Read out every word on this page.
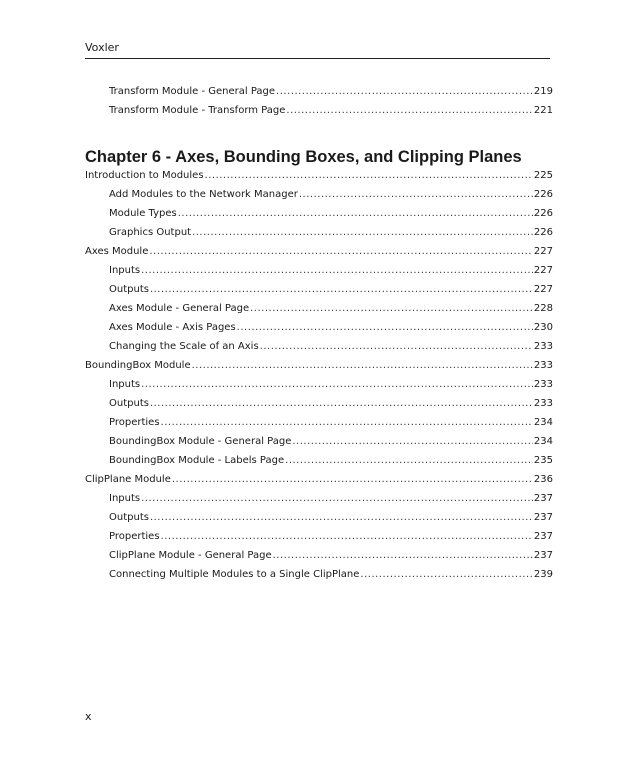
Voxler
Transform Module - General Page .....	219
Transform Module - Transform Page .....	221
Chapter 6 - Axes, Bounding Boxes, and Clipping Planes
Introduction to Modules .....	225
Add Modules to the Network Manager .....	226
Module Types .....	226
Graphics Output .....	226
Axes Module .....	227
Inputs .....	227
Outputs .....	227
Axes Module - General Page .....	228
Axes Module - Axis Pages .....	230
Changing the Scale of an Axis .....	233
BoundingBox Module .....	233
Inputs .....	233
Outputs .....	233
Properties .....	234
BoundingBox Module - General Page .....	234
BoundingBox Module - Labels Page .....	235
ClipPlane Module .....	236
Inputs .....	237
Outputs .....	237
Properties .....	237
ClipPlane Module - General Page .....	237
Connecting Multiple Modules to a Single ClipPlane .....	239
x
